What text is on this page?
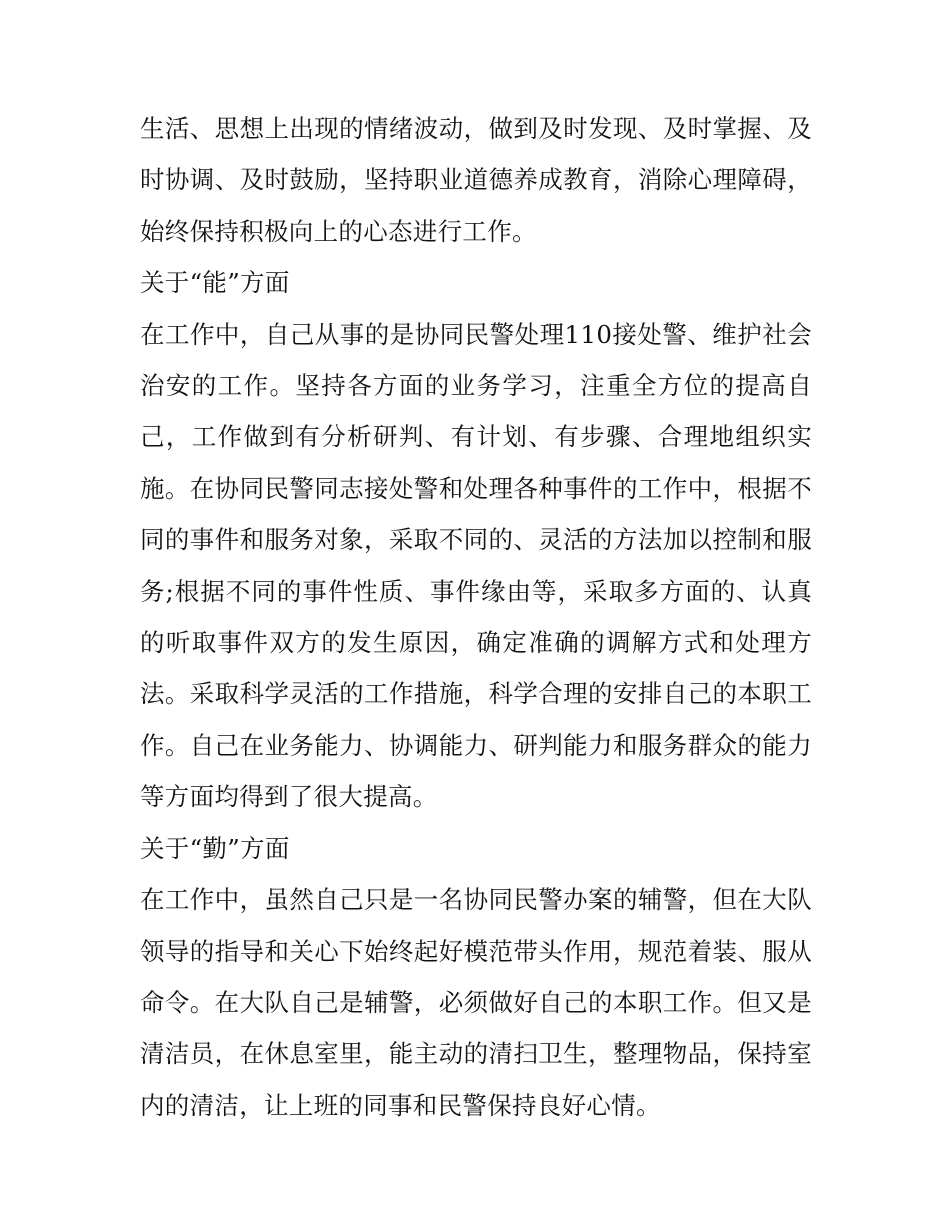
生活、思想上出现的情绪波动，做到及时发现、及时掌握、及时协调、及时鼓励，坚持职业道德养成教育，消除心理障碍，始终保持积极向上的心态进行工作。

关于“能”方面

在工作中，自己从事的是协同民警处理110接处警、维护社会治安的工作。坚持各方面的业务学习，注重全方位的提高自己，工作做到有分析研判、有计划、有步骤、合理地组织实施。在协同民警同志接处警和处理各种事件的工作中，根据不同的事件和服务对象，采取不同的、灵活的方法加以控制和服务;根据不同的事件性质、事件缘由等，采取多方面的、认真的听取事件双方的发生原因，确定准确的调解方式和处理方法。采取科学灵活的工作措施，科学合理的安排自己的本职工作。自己在业务能力、协调能力、研判能力和服务群众的能力等方面均得到了很大提高。

关于“勤”方面

在工作中，虽然自己只是一名协同民警办案的辅警，但在大队领导的指导和关心下始终起好模范带头作用，规范着装、服从命令。在大队自己是辅警，必须做好自己的本职工作。但又是清洁员，在休息室里，能主动的清扫卫生，整理物品，保持室内的清洁，让上班的同事和民警保持良好心情。
